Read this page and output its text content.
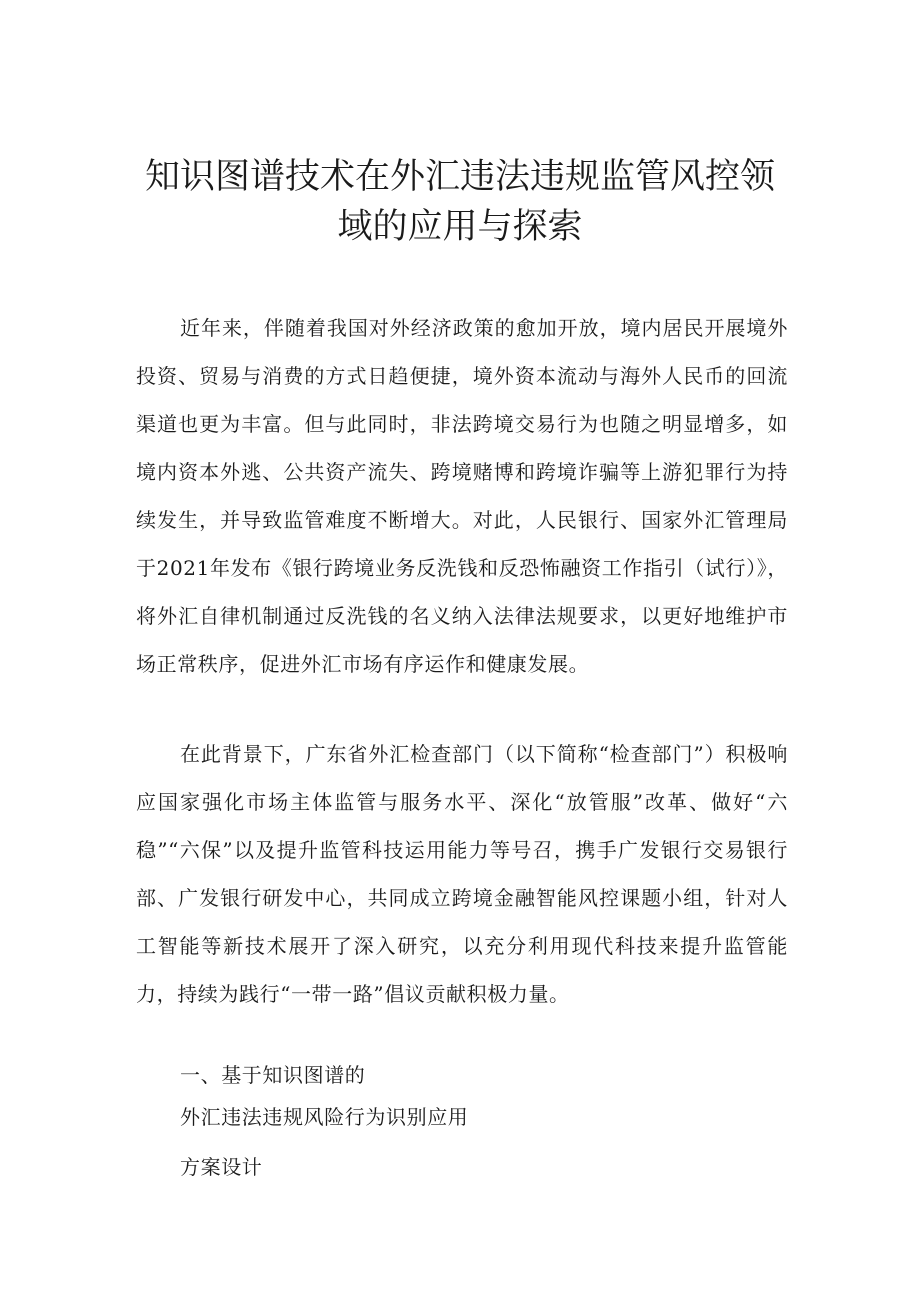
知识图谱技术在外汇违法违规监管风控领
域的应用与探索

近年来，伴随着我国对外经济政策的愈加开放，境内居民开展境外投资、贸易与消费的方式日趋便捷，境外资本流动与海外人民币的回流渠道也更为丰富。但与此同时，非法跨境交易行为也随之明显增多，如境内资本外逃、公共资产流失、跨境赌博和跨境诈骗等上游犯罪行为持续发生，并导致监管难度不断增大。对此，人民银行、国家外汇管理局于2021年发布《银行跨境业务反洗钱和反恐怖融资工作指引（试行）》，将外汇自律机制通过反洗钱的名义纳入法律法规要求，以更好地维护市场正常秩序，促进外汇市场有序运作和健康发展。

在此背景下，广东省外汇检查部门（以下简称“检查部门”）积极响应国家强化市场主体监管与服务水平、深化“放管服”改革、做好“六稳”“六保”以及提升监管科技运用能力等号召，携手广发银行交易银行部、广发银行研发中心，共同成立跨境金融智能风控课题小组，针对人工智能等新技术展开了深入研究，以充分利用现代科技来提升监管能力，持续为践行“一带一路”倡议贡献积极力量。

一、基于知识图谱的

外汇违法违规风险行为识别应用

方案设计
